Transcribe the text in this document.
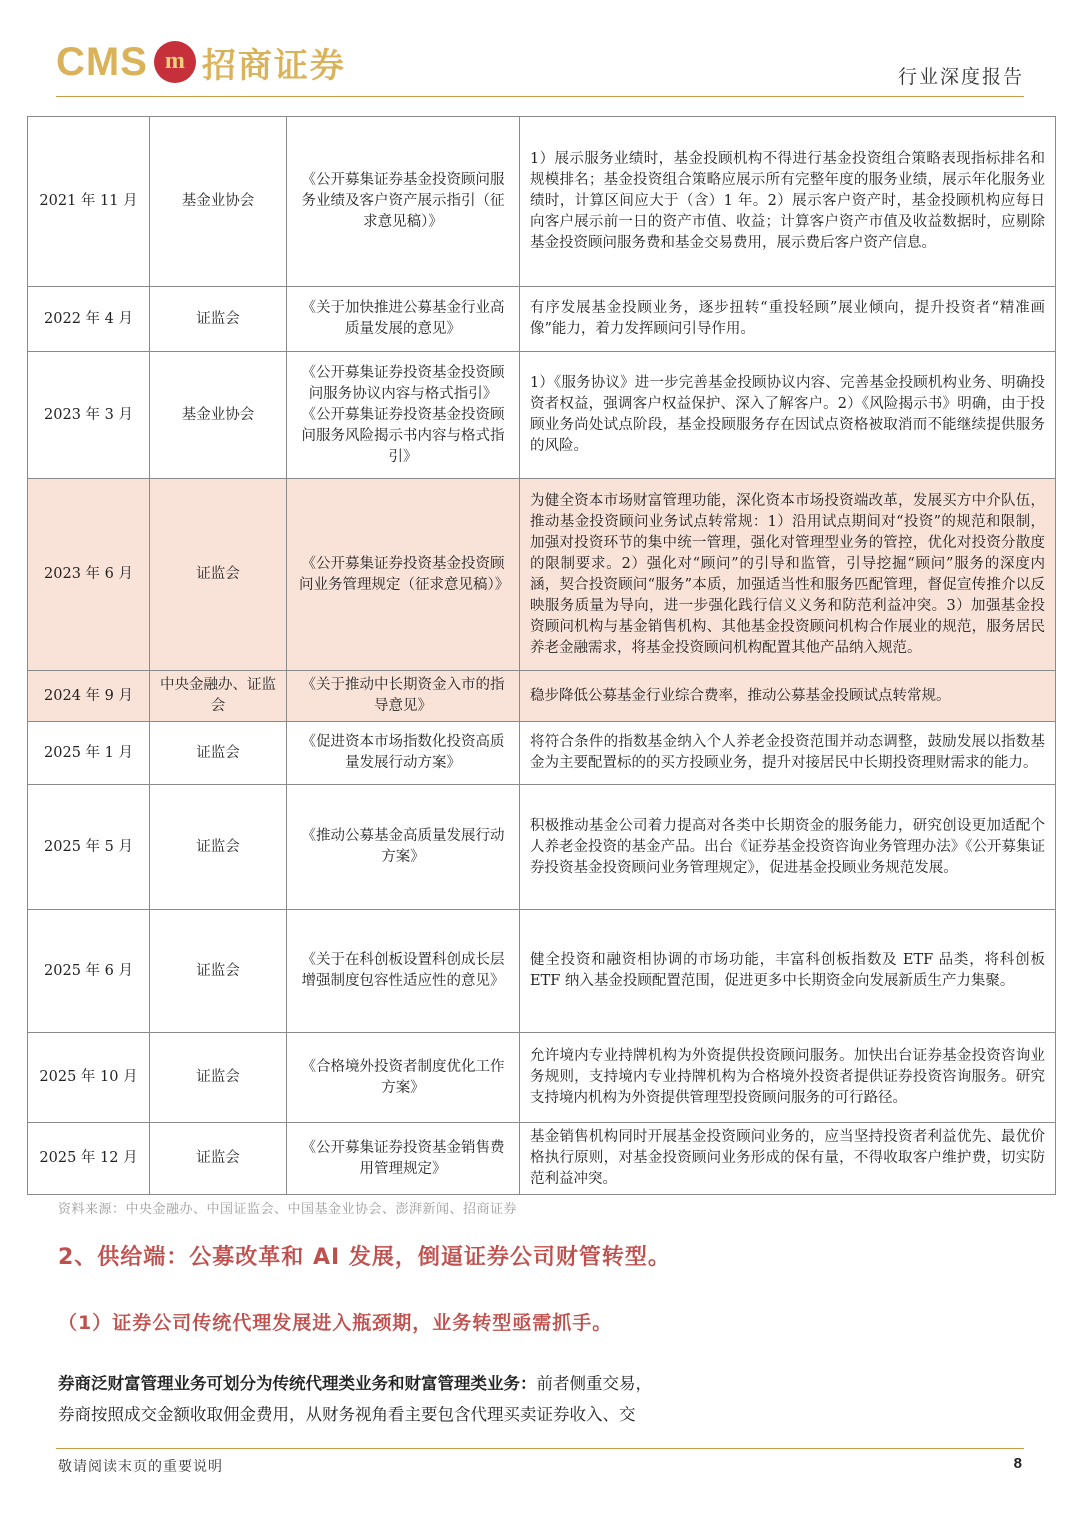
CMS m 招商证券	行业深度报告
2021 年 11 月	基金业协会	《公开募集证券基金投资顾问服务业绩及客户资产展示指引（征求意见稿）》	1）展示服务业绩时，基金投顾机构不得进行基金投资组合策略表现指标排名和规模排名；基金投资组合策略应展示所有完整年度的服务业绩，展示年化服务业绩时，计算区间应大于（含）1 年。2）展示客户资产时，基金投顾机构应每日向客户展示前一日的资产市值、收益；计算客户资产市值及收益数据时，应剔除基金投资顾问服务费和基金交易费用，展示费后客户资产信息。
2022 年 4 月	证监会	《关于加快推进公募基金行业高质量发展的意见》	有序发展基金投顾业务，逐步扭转“重投轻顾”展业倾向，提升投资者“精准画像”能力，着力发挥顾问引导作用。
2023 年 3 月	基金业协会	《公开募集证券投资基金投资顾问服务协议内容与格式指引》《公开募集证券投资基金投资顾问服务风险揭示书内容与格式指引》	1）《服务协议》进一步完善基金投顾协议内容、完善基金投顾机构业务、明确投资者权益，强调客户权益保护、深入了解客户。2）《风险揭示书》明确，由于投顾业务尚处试点阶段，基金投顾服务存在因试点资格被取消而不能继续提供服务的风险。
2023 年 6 月	证监会	《公开募集证券投资基金投资顾问业务管理规定（征求意见稿）》	为健全资本市场财富管理功能，深化资本市场投资端改革，发展买方中介队伍，推动基金投资顾问业务试点转常规：1）沿用试点期间对“投资”的规范和限制，加强对投资环节的集中统一管理，强化对管理型业务的管控，优化对投资分散度的限制要求。2）强化对“顾问”的引导和监管，引导挖掘“顾问”服务的深度内涵，契合投资顾问“服务”本质，加强适当性和服务匹配管理，督促宣传推介以反映服务质量为导向，进一步强化践行信义义务和防范利益冲突。3）加强基金投资顾问机构与基金销售机构、其他基金投资顾问机构合作展业的规范，服务居民养老金融需求，将基金投资顾问机构配置其他产品纳入规范。
2024 年 9 月	中央金融办、证监会	《关于推动中长期资金入市的指导意见》	稳步降低公募基金行业综合费率，推动公募基金投顾试点转常规。
2025 年 1 月	证监会	《促进资本市场指数化投资高质量发展行动方案》	将符合条件的指数基金纳入个人养老金投资范围并动态调整，鼓励发展以指数基金为主要配置标的的买方投顾业务，提升对接居民中长期投资理财需求的能力。
2025 年 5 月	证监会	《推动公募基金高质量发展行动方案》	积极推动基金公司着力提高对各类中长期资金的服务能力，研究创设更加适配个人养老金投资的基金产品。出台《证券基金投资咨询业务管理办法》《公开募集证券投资基金投资顾问业务管理规定》，促进基金投顾业务规范发展。
2025 年 6 月	证监会	《关于在科创板设置科创成长层 增强制度包容性适应性的意见》	健全投资和融资相协调的市场功能，丰富科创板指数及 ETF 品类，将科创板 ETF 纳入基金投顾配置范围，促进更多中长期资金向发展新质生产力集聚。
2025 年 10 月	证监会	《合格境外投资者制度优化工作方案》	允许境内专业持牌机构为外资提供投资顾问服务。加快出台证券基金投资咨询业务规则，支持境内专业持牌机构为合格境外投资者提供证券投资咨询服务。研究支持境内机构为外资提供管理型投资顾问服务的可行路径。
2025 年 12 月	证监会	《公开募集证券投资基金销售费用管理规定》	基金销售机构同时开展基金投资顾问业务的，应当坚持投资者利益优先、最优价格执行原则，对基金投资顾问业务形成的保有量，不得收取客户维护费，切实防范利益冲突。
资料来源：中央金融办、中国证监会、中国基金业协会、澎湃新闻、招商证券
2、供给端：公募改革和 AI 发展，倒逼证券公司财管转型。
（1）证券公司传统代理发展进入瓶颈期，业务转型亟需抓手。
券商泛财富管理业务可划分为传统代理类业务和财富管理类业务：前者侧重交易，
券商按照成交金额收取佣金费用，从财务视角看主要包含代理买卖证券收入、交
敬请阅读末页的重要说明	8
